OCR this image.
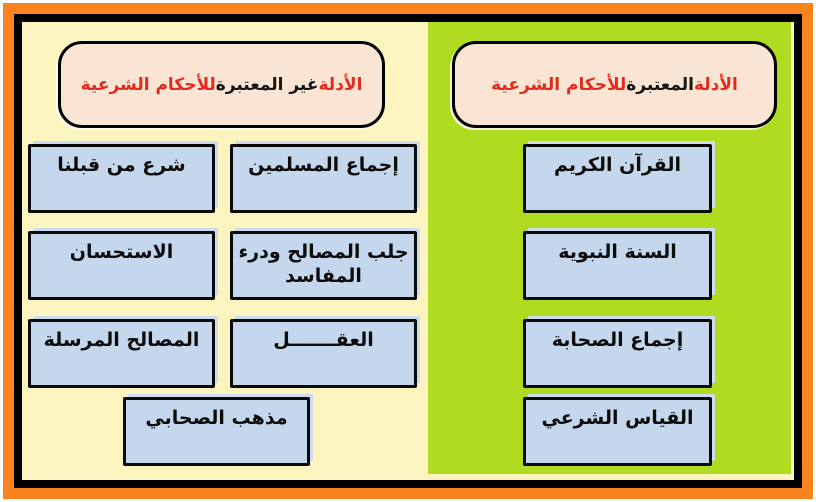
الأدلة
المعتبرة
للأحكام الشرعية
الأدلة
غير المعتبرة
للأحكام الشرعية
القرآن الكريم
السنة النبوية
إجماع الصحابة
القياس الشرعي
شرع من قبلنا	إجماع المسلمين
الاستحسان	جلب المصالح ودرء المفاسد
المصالح المرسلة	العقـــــــل
مذهب الصحابي
